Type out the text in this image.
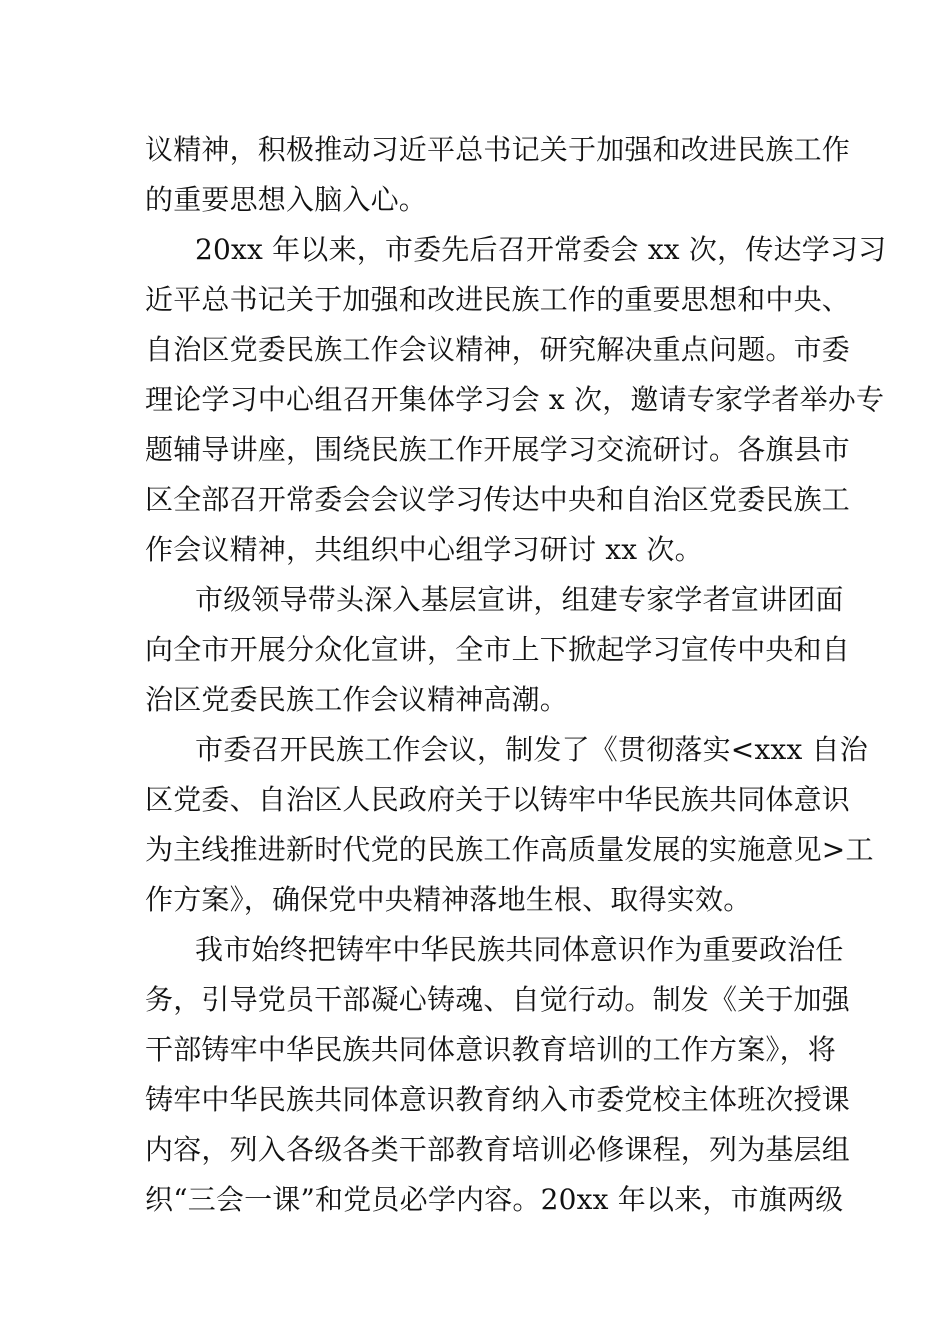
议精神，积极推动习近平总书记关于加强和改进民族工作
的重要思想入脑入心。
20xx 年以来，市委先后召开常委会 xx 次，传达学习习
近平总书记关于加强和改进民族工作的重要思想和中央、
自治区党委民族工作会议精神，研究解决重点问题。市委
理论学习中心组召开集体学习会 x 次，邀请专家学者举办专
题辅导讲座，围绕民族工作开展学习交流研讨。各旗县市
区全部召开常委会会议学习传达中央和自治区党委民族工
作会议精神，共组织中心组学习研讨 xx 次。
市级领导带头深入基层宣讲，组建专家学者宣讲团面
向全市开展分众化宣讲，全市上下掀起学习宣传中央和自
治区党委民族工作会议精神高潮。
市委召开民族工作会议，制发了《贯彻落实<xxx 自治
区党委、自治区人民政府关于以铸牢中华民族共同体意识
为主线推进新时代党的民族工作高质量发展的实施意见>工
作方案》，确保党中央精神落地生根、取得实效。
我市始终把铸牢中华民族共同体意识作为重要政治任
务，引导党员干部凝心铸魂、自觉行动。制发《关于加强
干部铸牢中华民族共同体意识教育培训的工作方案》，将
铸牢中华民族共同体意识教育纳入市委党校主体班次授课
内容，列入各级各类干部教育培训必修课程，列为基层组
织“三会一课”和党员必学内容。20xx 年以来，市旗两级
